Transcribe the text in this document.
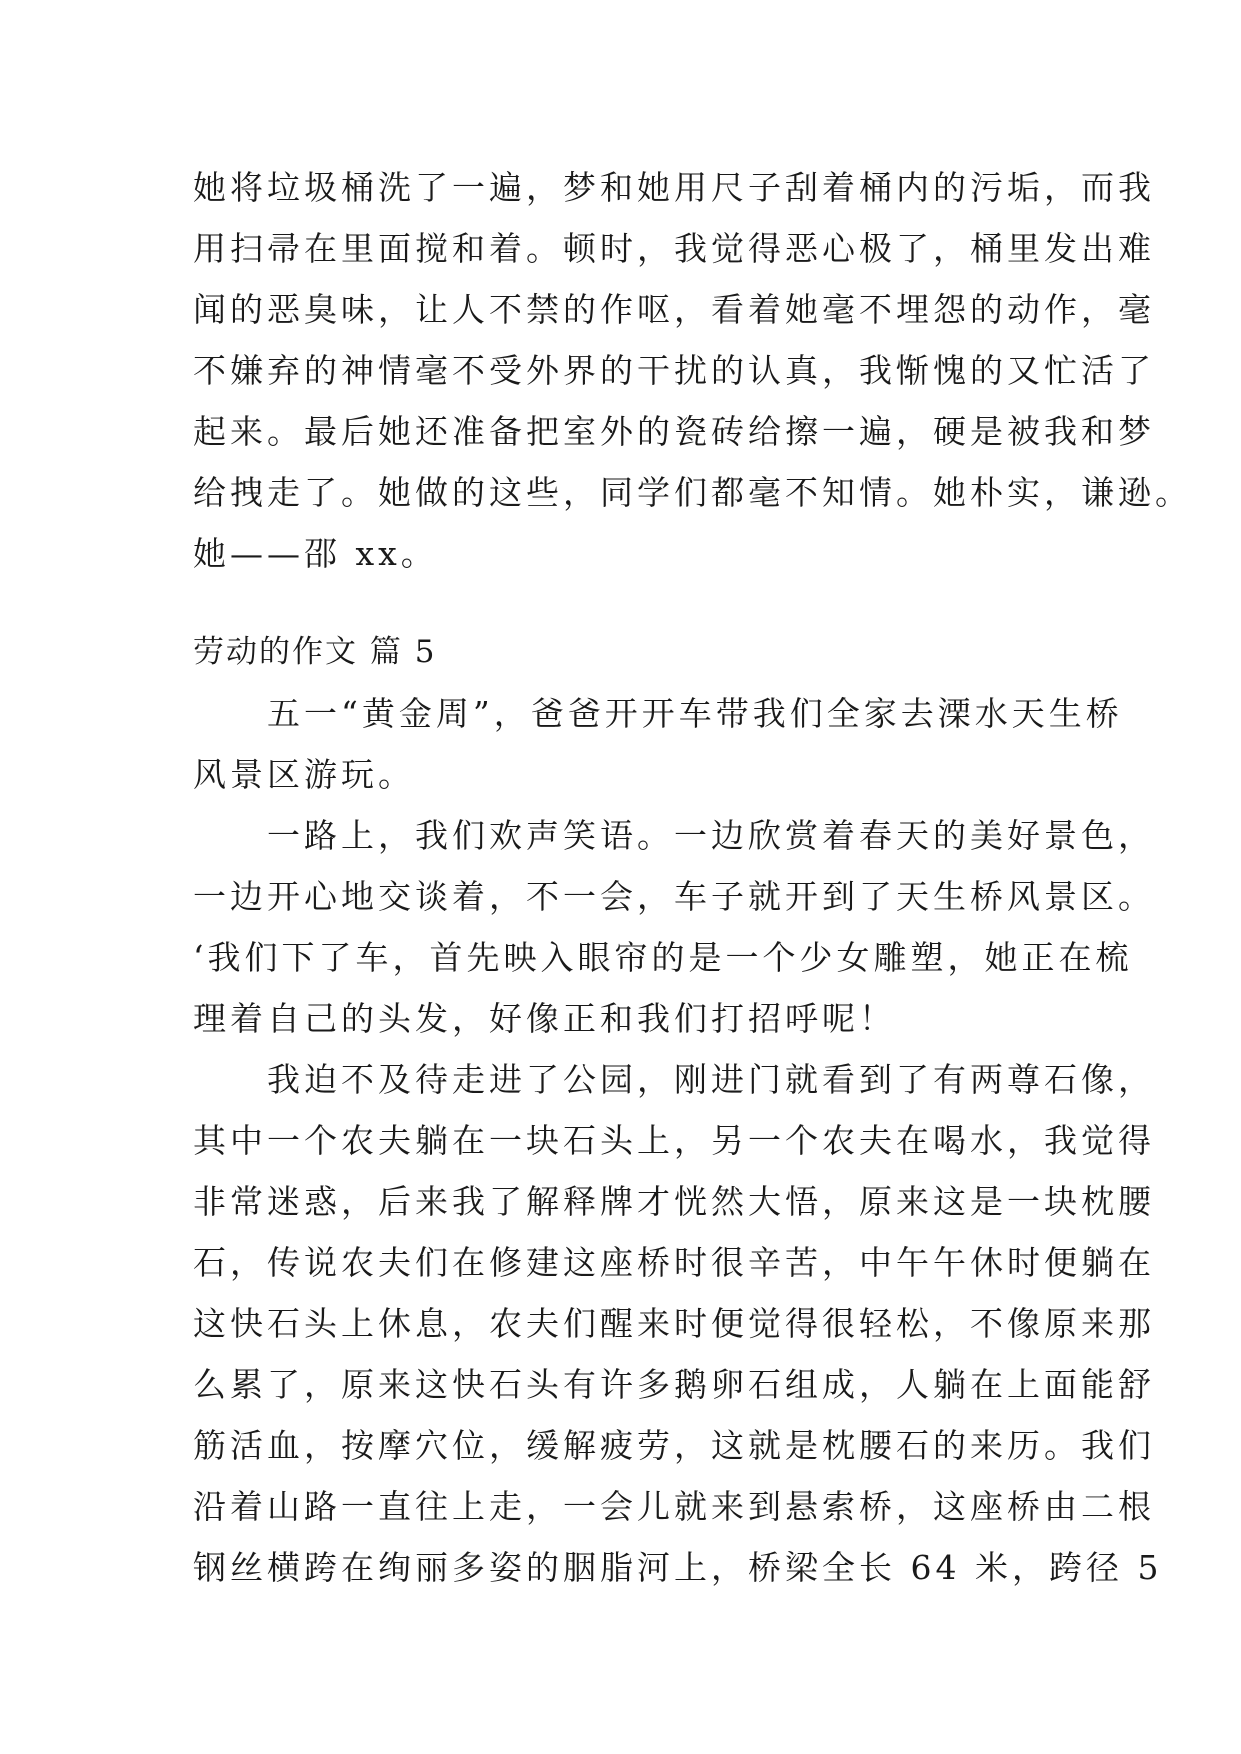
她将垃圾桶洗了一遍，梦和她用尺子刮着桶内的污垢，而我
用扫帚在里面搅和着。顿时，我觉得恶心极了，桶里发出难
闻的恶臭味，让人不禁的作呕，看着她毫不埋怨的动作，毫
不嫌弃的神情毫不受外界的干扰的认真，我惭愧的又忙活了
起来。最后她还准备把室外的瓷砖给擦一遍，硬是被我和梦
给拽走了。她做的这些，同学们都毫不知情。她朴实，谦逊。
她——邵 xx。
劳动的作文 篇 5
　　五一“黄金周”，爸爸开开车带我们全家去溧水天生桥
风景区游玩。
　　一路上，我们欢声笑语。一边欣赏着春天的美好景色，
一边开心地交谈着，不一会，车子就开到了天生桥风景区。
‘我们下了车，首先映入眼帘的是一个少女雕塑，她正在梳
理着自己的头发，好像正和我们打招呼呢！
　　我迫不及待走进了公园，刚进门就看到了有两尊石像，
其中一个农夫躺在一块石头上，另一个农夫在喝水，我觉得
非常迷惑，后来我了解释牌才恍然大悟，原来这是一块枕腰
石，传说农夫们在修建这座桥时很辛苦，中午午休时便躺在
这快石头上休息，农夫们醒来时便觉得很轻松，不像原来那
么累了，原来这快石头有许多鹅卵石组成，人躺在上面能舒
筋活血，按摩穴位，缓解疲劳，这就是枕腰石的来历。我们
沿着山路一直往上走，一会儿就来到悬索桥，这座桥由二根
钢丝横跨在绚丽多姿的胭脂河上，桥梁全长 64 米，跨径 5
